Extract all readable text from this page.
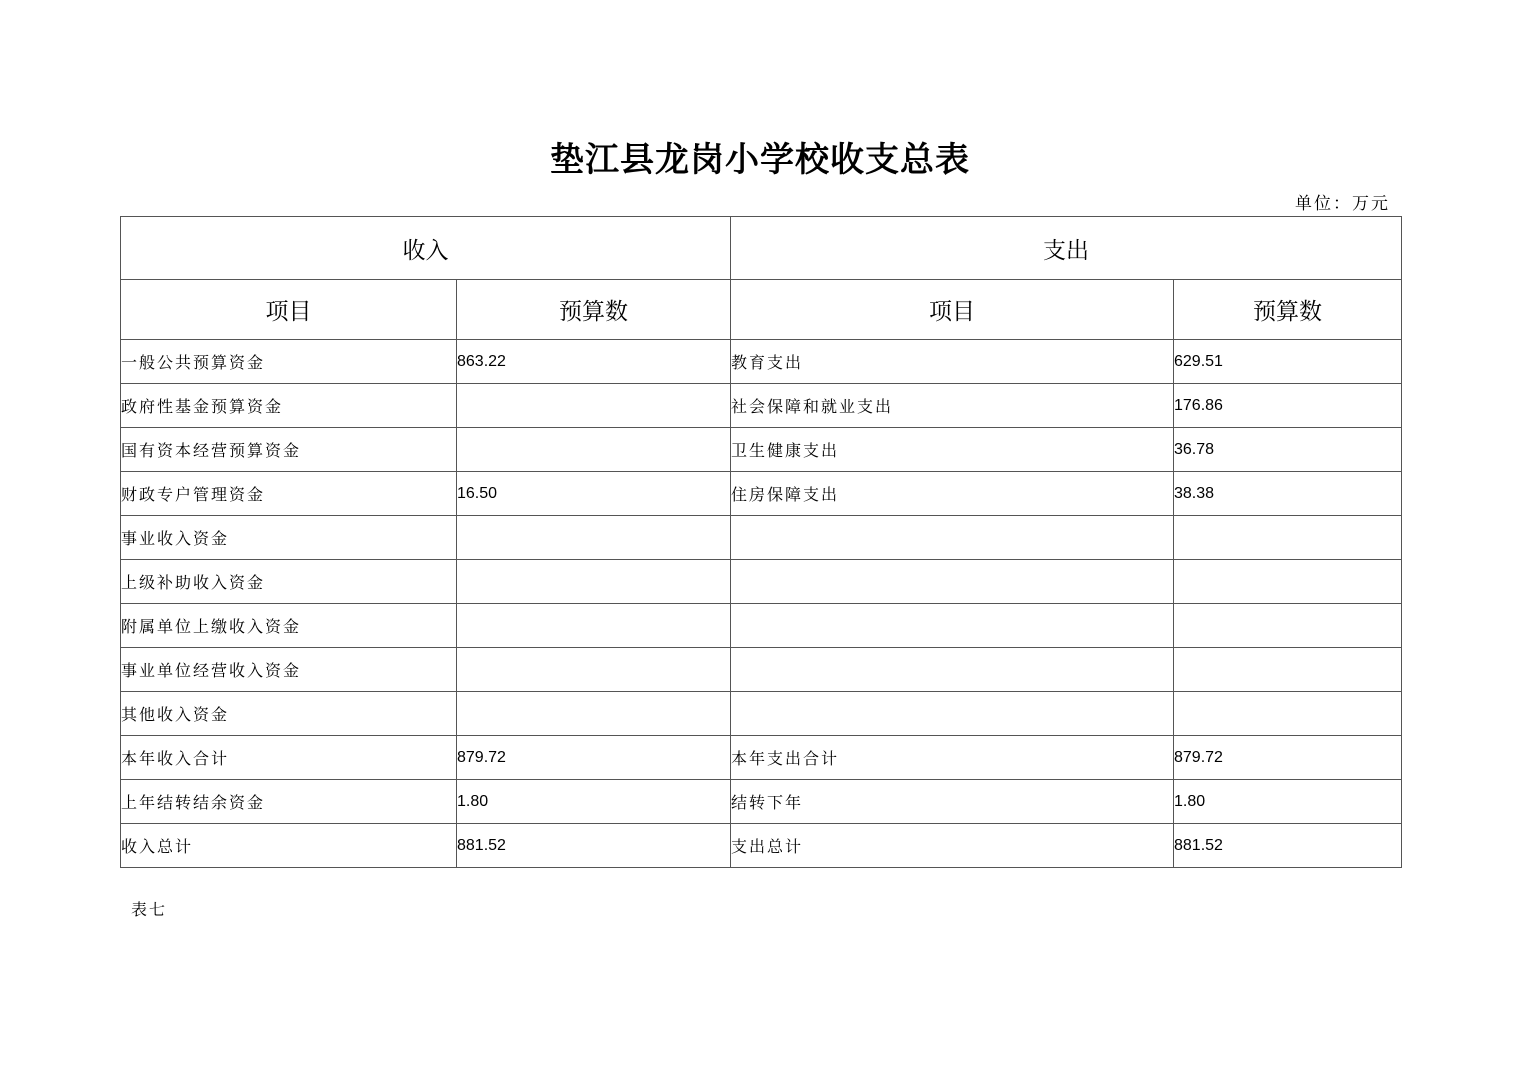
垫江县龙岗小学校收支总表
单位：万元
收入		支出	
项目	预算数	项目	预算数
一般公共预算资金	863.22	教育支出	629.51
政府性基金预算资金		社会保障和就业支出	176.86
国有资本经营预算资金		卫生健康支出	36.78
财政专户管理资金	16.50	住房保障支出	38.38
事业收入资金			
上级补助收入资金			
附属单位上缴收入资金			
事业单位经营收入资金			
其他收入资金			
本年收入合计	879.72	本年支出合计	879.72
上年结转结余资金	1.80	结转下年	1.80
收入总计	881.52	支出总计	881.52
表七
